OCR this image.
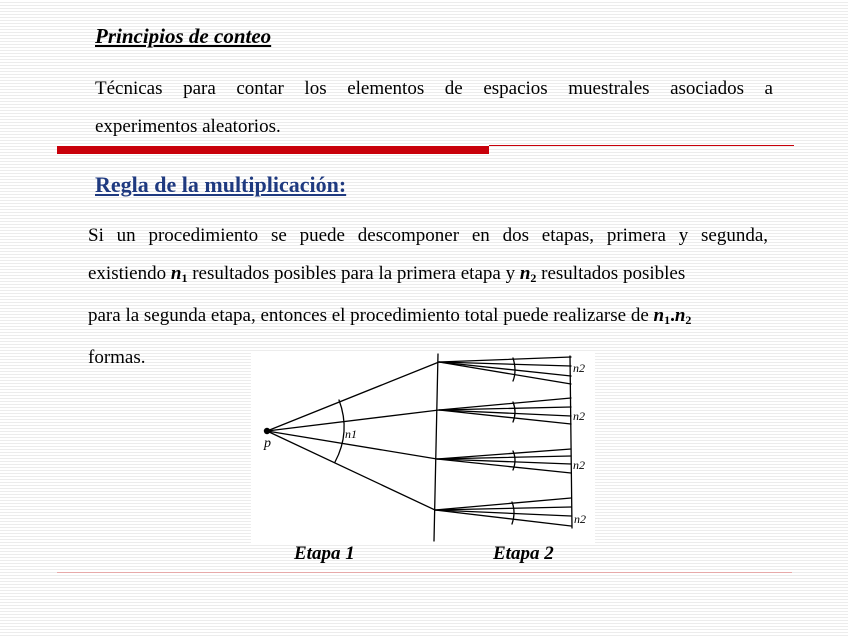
Principios de conteo
Técnicas para contar los elementos de espacios muestrales asociados a
experimentos aleatorios.
Regla de la multiplicación:
Si un procedimiento se puede descomponer en dos etapas, primera y segunda,
existiendo $n_1$ resultados posibles para la primera etapa y $n_2$ resultados posibles
para la segunda etapa, entonces el procedimiento total puede realizarse de $n_1.n_2$
formas.
p
n1
n2
n2
n2
n2
Etapa 1	Etapa 2
